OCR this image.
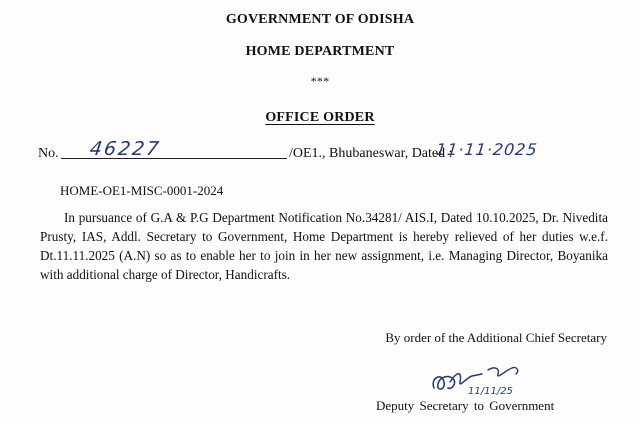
GOVERNMENT OF ODISHA
HOME DEPARTMENT
***
OFFICE ORDER
No. 46227	/OE1., Bhubaneswar, Dated :
11·11·2025
HOME-OE1-MISC-0001-2024

In pursuance of G.A & P.G Department Notification No.34281/ AIS.I, Dated 10.10.2025, Dr. Nivedita Prusty, IAS, Addl. Secretary to Government, Home Department is hereby relieved of her duties w.e.f. Dt.11.11.2025 (A.N) so as to enable her to join in her new assignment, i.e. Managing Director, Boyanika with additional charge of Director, Handicrafts.

By order of the Additional Chief Secretary
11/11/25
Deputy Secretary to Government
